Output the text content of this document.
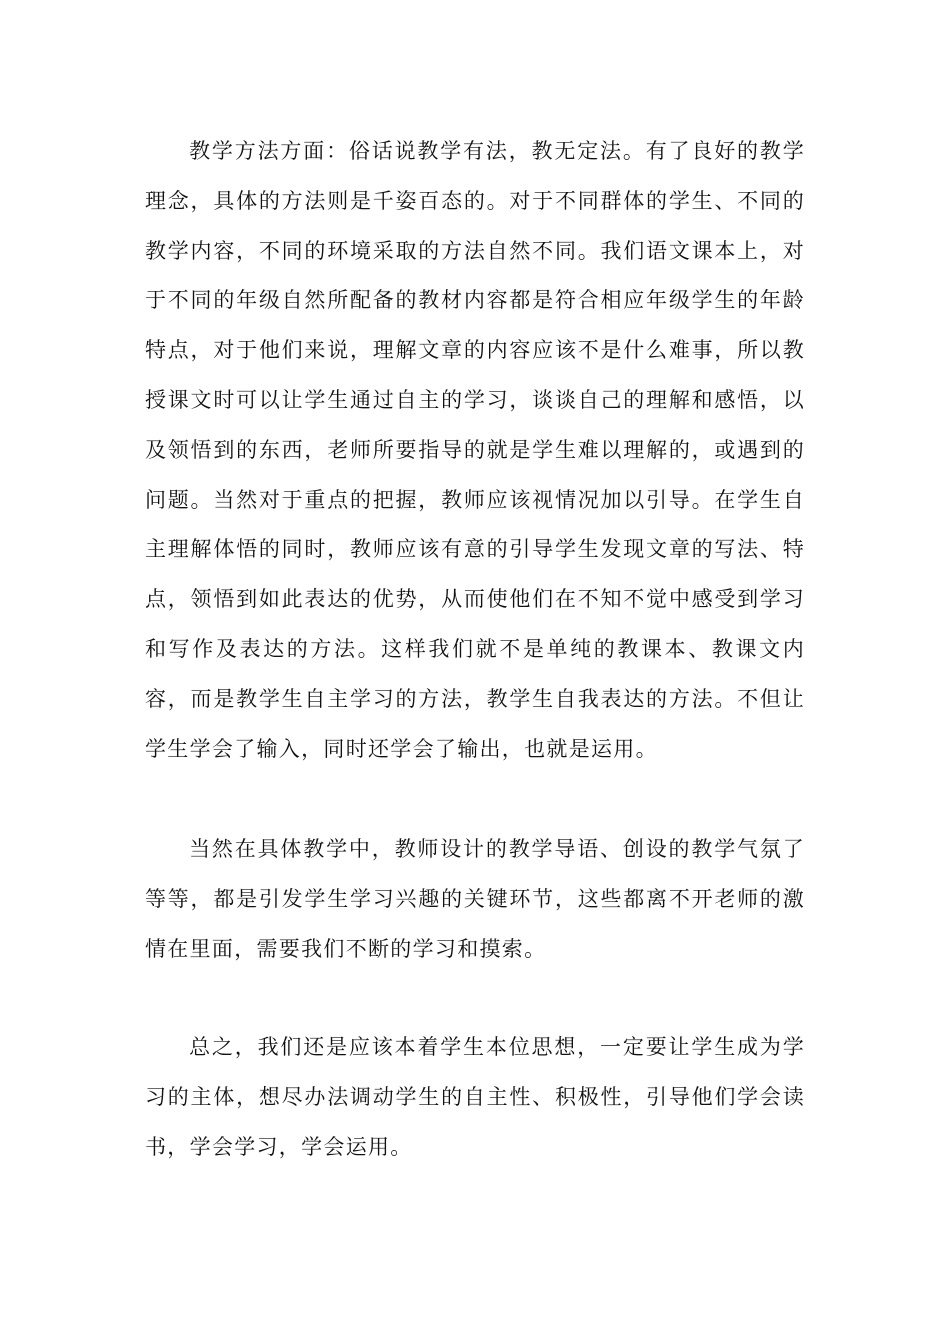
教学方法方面：俗话说教学有法，教无定法。有了良好的教学理念，具体的方法则是千姿百态的。对于不同群体的学生、不同的教学内容，不同的环境采取的方法自然不同。我们语文课本上，对于不同的年级自然所配备的教材内容都是符合相应年级学生的年龄特点，对于他们来说，理解文章的内容应该不是什么难事，所以教授课文时可以让学生通过自主的学习，谈谈自己的理解和感悟，以及领悟到的东西，老师所要指导的就是学生难以理解的，或遇到的问题。当然对于重点的把握，教师应该视情况加以引导。在学生自主理解体悟的同时，教师应该有意的引导学生发现文章的写法、特点，领悟到如此表达的优势，从而使他们在不知不觉中感受到学习和写作及表达的方法。这样我们就不是单纯的教课本、教课文内容，而是教学生自主学习的方法，教学生自我表达的方法。不但让学生学会了输入，同时还学会了输出，也就是运用。

当然在具体教学中，教师设计的教学导语、创设的教学气氛了等等，都是引发学生学习兴趣的关键环节，这些都离不开老师的激情在里面，需要我们不断的学习和摸索。

总之，我们还是应该本着学生本位思想，一定要让学生成为学习的主体，想尽办法调动学生的自主性、积极性，引导他们学会读书，学会学习，学会运用。
